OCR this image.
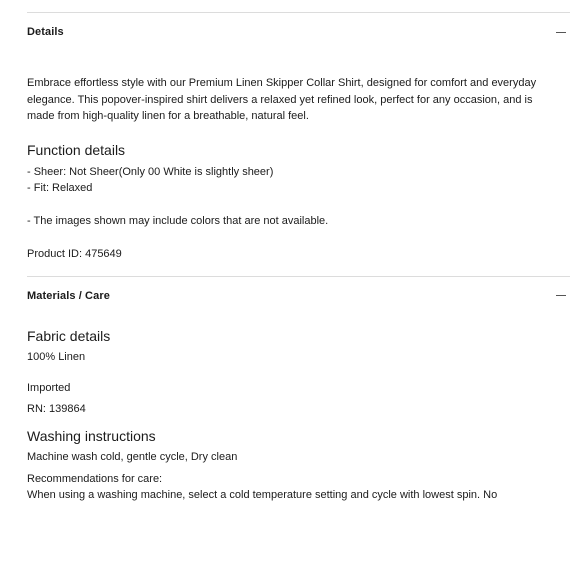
Details
Embrace effortless style with our Premium Linen Skipper Collar Shirt, designed for comfort and everyday elegance. This popover-inspired shirt delivers a relaxed yet refined look, perfect for any occasion, and is made from high-quality linen for a breathable, natural feel.
Function details
- Sheer: Not Sheer(Only 00 White is slightly sheer)
- Fit: Relaxed
- The images shown may include colors that are not available.
Product ID: 475649
Materials / Care
Fabric details
100% Linen
Imported
RN: 139864
Washing instructions
Machine wash cold, gentle cycle, Dry clean
Recommendations for care:
When using a washing machine, select a cold temperature setting and cycle with lowest spin. No
